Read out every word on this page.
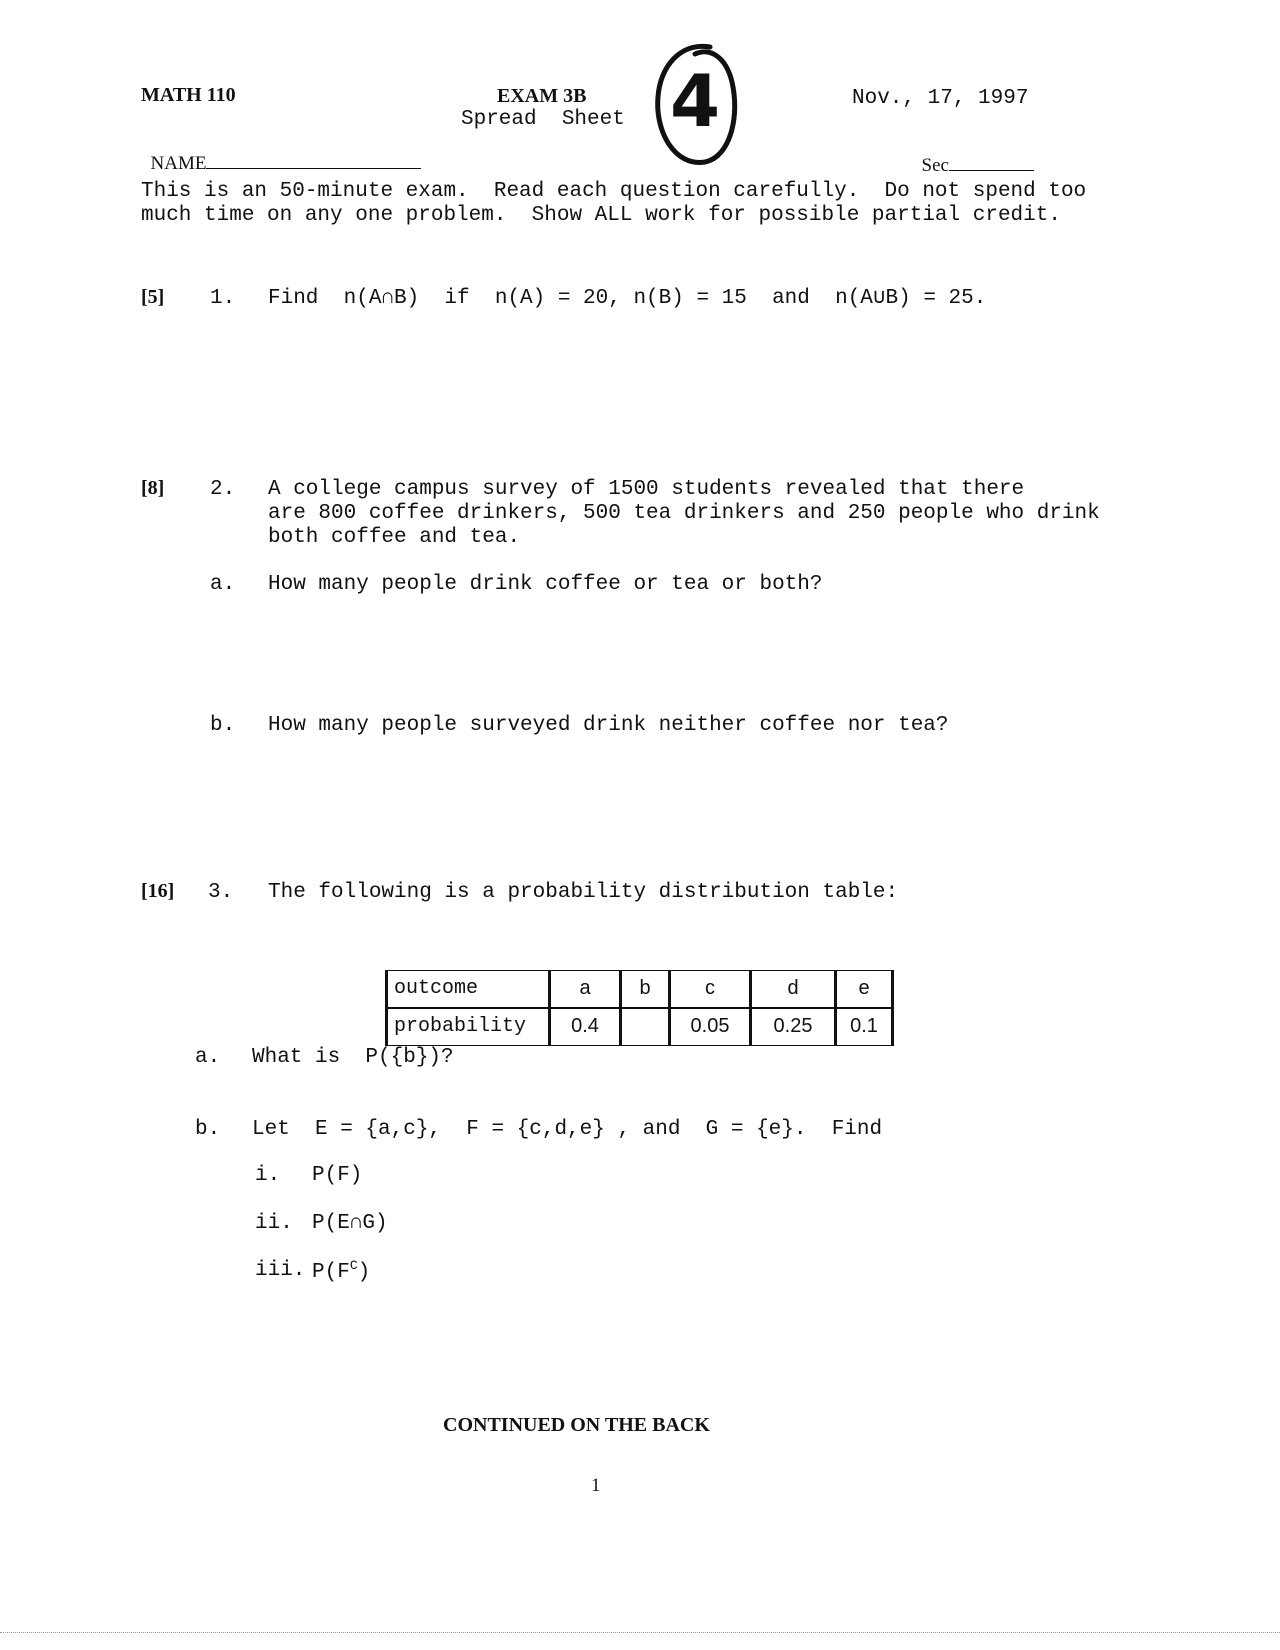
MATH 110	EXAM 3B
Spread  Sheet
Nov., 17, 1997

NAME	Sec

4
This is an 50-minute exam.  Read each question carefully.  Do not spend too
much time on any one problem.  Show ALL work for possible partial credit.
[5] 1. Find  n(A∩B)  if  n(A) = 20, n(B) = 15  and  n(A∪B) = 25.
[8] 2. A college campus survey of 1500 students revealed that there
are 800 coffee drinkers, 500 tea drinkers and 250 people who drink
both coffee and tea.
a. How many people drink coffee or tea or both?
b. How many people surveyed drink neither coffee nor tea?
[16] 3. The following is a probability distribution table:
outcome	a	b	c	d	e
probability	0.4		0.05	0.25	0.1
a. What is  P({b})?
b. Let  E = {a,c},  F = {c,d,e} , and  G = {e}.  Find
i. P(F)
ii. P(E∩G)
iii. $P(F^C)$
CONTINUED ON THE BACK
1
